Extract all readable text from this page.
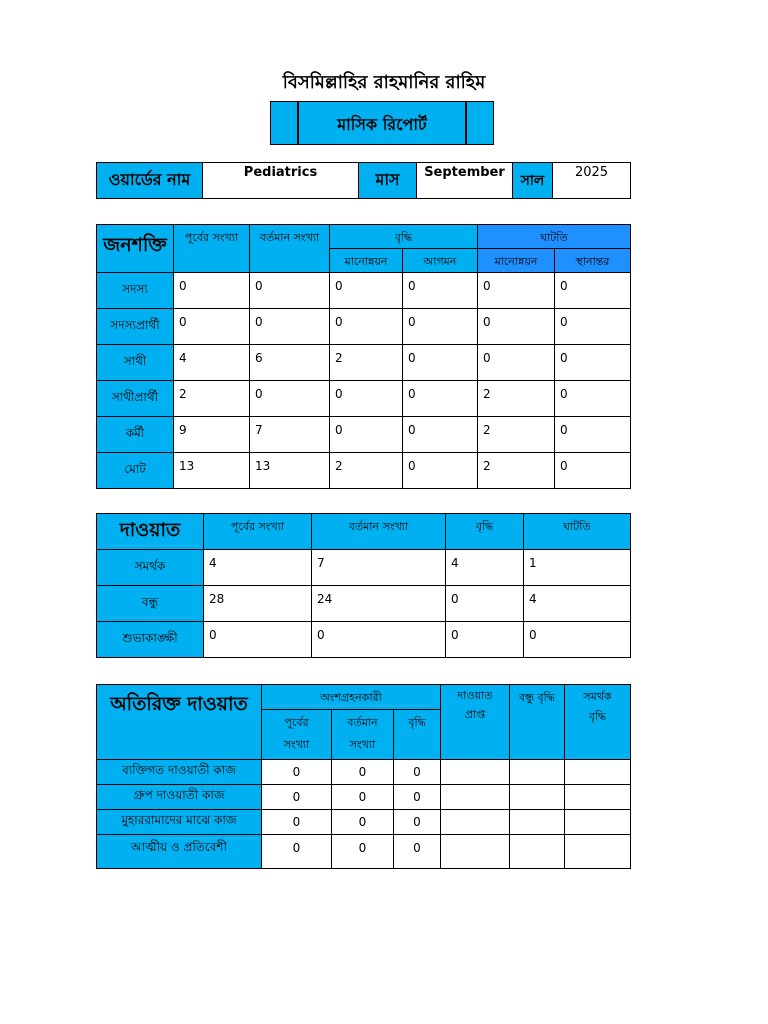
বিসমিল্লাহির রাহমানির রাহিম
মাসিক রিপোর্ট
ওয়ার্ডের নাম	Pediatrics	মাস	September	সাল	2025
জনশক্তি	পূর্বের সংখ্যা	বর্তমান সংখ্যা	বৃদ্ধি		ঘাটতি	
			মানোন্নয়ন	আগমন	মানোন্নয়ন	স্থানান্তর
সদস্য	0	0	0	0	0	0
সদস্যপ্রার্থী	0	0	0	0	0	0
সাথী	4	6	2	0	0	0
সাথীপ্রার্থী	2	0	0	0	2	0
কর্মী	9	7	0	0	2	0
মোট	13	13	2	0	2	0
দাওয়াত	পূর্বের সংখ্যা	বর্তমান সংখ্যা	বৃদ্ধি	ঘাটতি
সমর্থক	4	7	4	1
বন্ধু	28	24	0	4
শুভাকাঙ্ক্ষী	0	0	0	0
অতিরিক্ত দাওয়াত	অংশগ্রহনকারী			দাওয়াত প্রাপ্ত	বন্ধু বৃদ্ধি	সমর্থক বৃদ্ধি
	পূর্বের সংখ্যা	বর্তমান সংখ্যা	বৃদ্ধি			
ব্যক্তিগত দাওয়াতী কাজ	0	0	0			
গ্রুপ দাওয়াতী কাজ	0	0	0			
মুহাররামাদের মাঝে কাজ	0	0	0			
আত্মীয় ও প্রতিবেশী	0	0	0			
